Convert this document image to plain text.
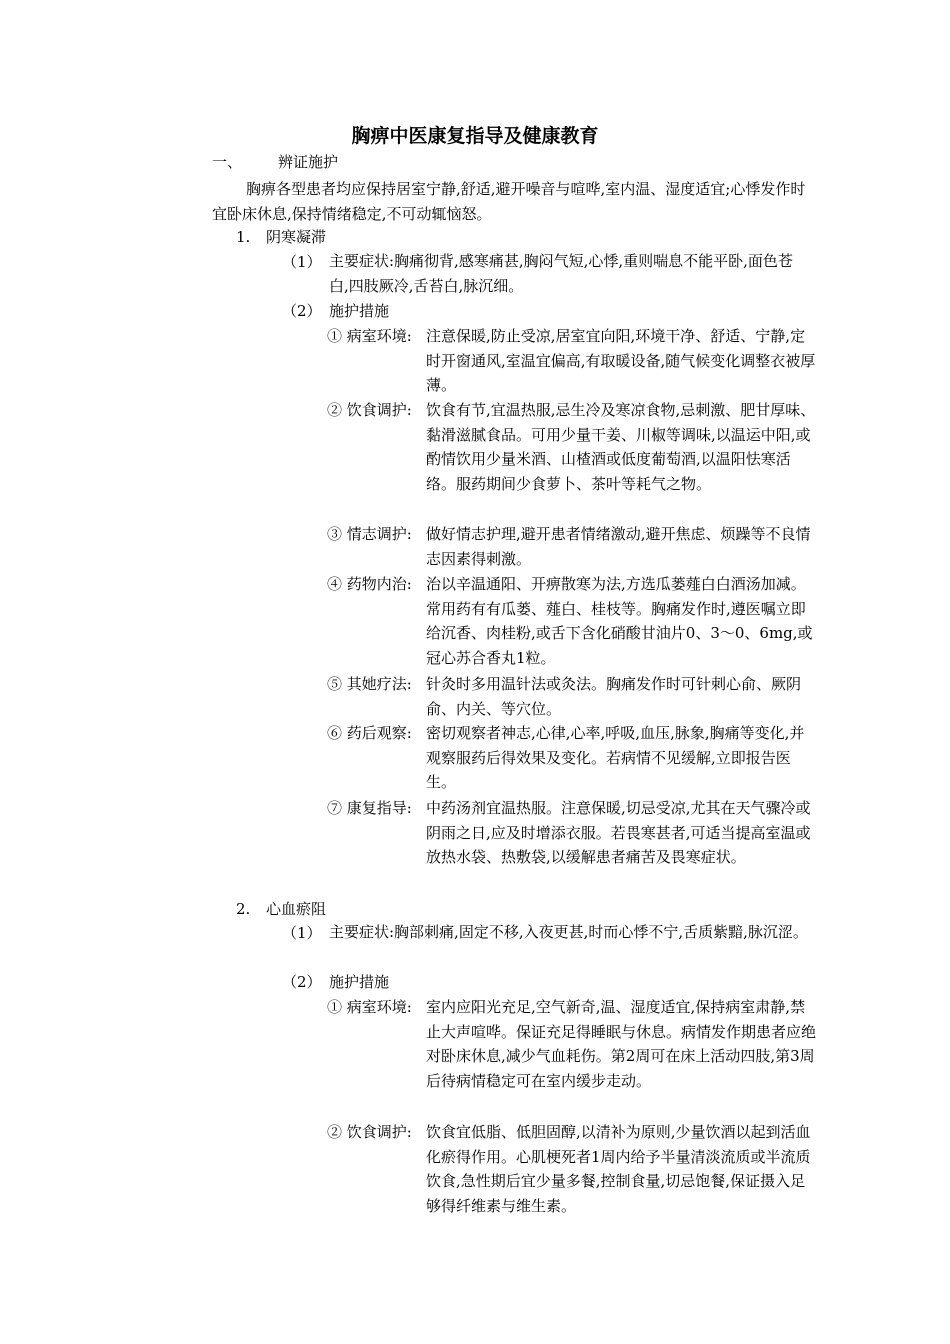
胸痹中医康复指导及健康教育
一、 辨证施护
胸痹各型患者均应保持居室宁静,舒适,避开噪音与喧哗,室内温、湿度适宜;心悸发作时宜卧床休息,保持情绪稳定,不可动辄恼怒。
1. 阴寒凝滞
（1） 主要症状:胸痛彻背,感寒痛甚,胸闷气短,心悸,重则喘息不能平卧,面色苍白,四肢厥冷,舌苔白,脉沉细。
（2） 施护措施
① 病室环境: 注意保暖,防止受凉,居室宜向阳,环境干净、舒适、宁静,定时开窗通风,室温宜偏高,有取暖设备,随气候变化调整衣被厚薄。
② 饮食调护: 饮食有节,宜温热服,忌生冷及寒凉食物,忌刺激、肥甘厚味、黏滑滋腻食品。可用少量干姜、川椒等调味,以温运中阳,或酌情饮用少量米酒、山楂酒或低度葡萄酒,以温阳怯寒活络。服药期间少食萝卜、茶叶等耗气之物。
③ 情志调护: 做好情志护理,避开患者情绪激动,避开焦虑、烦躁等不良情志因素得刺激。
④ 药物内治: 治以辛温通阳、开痹散寒为法,方选瓜蒌薤白白酒汤加减。常用药有有瓜蒌、薤白、桂枝等。胸痛发作时,遵医嘱立即给沉香、肉桂粉,或舌下含化硝酸甘油片0、3～0、6mg,或冠心苏合香丸1粒。
⑤ 其她疗法: 针灸时多用温针法或灸法。胸痛发作时可针刺心俞、厥阴俞、内关、等穴位。
⑥ 药后观察: 密切观察者神志,心律,心率,呼吸,血压,脉象,胸痛等变化,并观察服药后得效果及变化。若病情不见缓解,立即报告医生。
⑦ 康复指导: 中药汤剂宜温热服。注意保暖,切忌受凉,尤其在天气骤冷或阴雨之日,应及时增添衣服。若畏寒甚者,可适当提高室温或放热水袋、热敷袋,以缓解患者痛苦及畏寒症状。
2. 心血瘀阻
（1） 主要症状:胸部刺痛,固定不移,入夜更甚,时而心悸不宁,舌质紫黯,脉沉涩。
（2） 施护措施
① 病室环境: 室内应阳光充足,空气新奇,温、湿度适宜,保持病室肃静,禁止大声喧哗。保证充足得睡眠与休息。病情发作期患者应绝对卧床休息,减少气血耗伤。第2周可在床上活动四肢,第3周后待病情稳定可在室内缓步走动。
② 饮食调护: 饮食宜低脂、低胆固醇,以清补为原则,少量饮酒以起到活血化瘀得作用。心肌梗死者1周内给予半量清淡流质或半流质饮食,急性期后宜少量多餐,控制食量,切忌饱餐,保证摄入足够得纤维素与维生素。
